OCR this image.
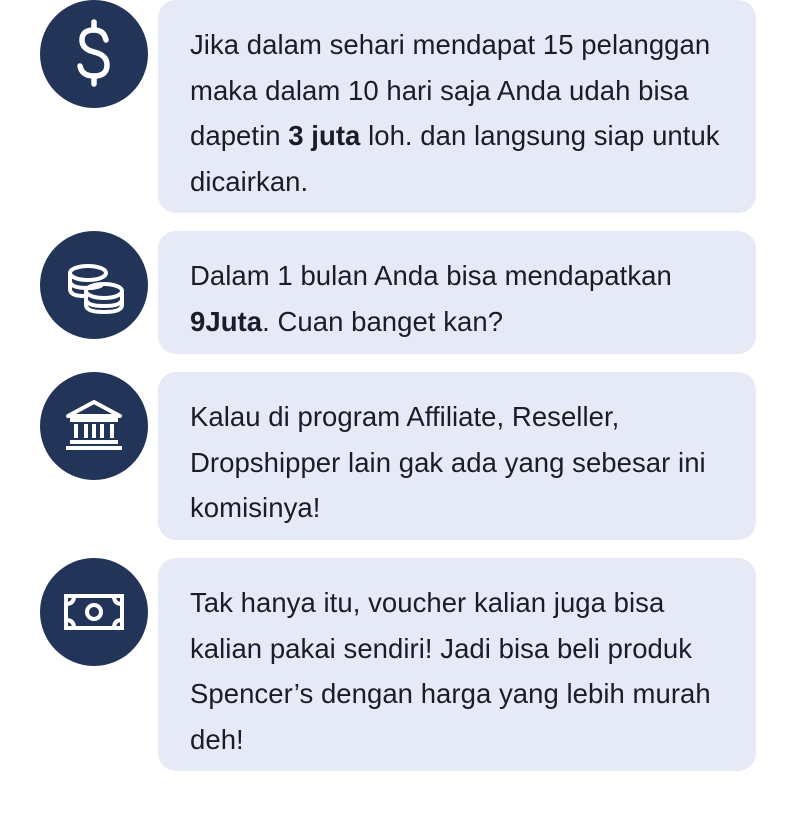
Jika dalam sehari mendapat 15 pelanggan maka dalam 10 hari saja Anda udah bisa dapetin 3 juta loh. dan langsung siap untuk dicairkan.

Dalam 1 bulan Anda bisa mendapatkan 9Juta. Cuan banget kan?

Kalau di program Affiliate, Reseller, Dropshipper lain gak ada yang sebesar ini komisinya!

Tak hanya itu, voucher kalian juga bisa kalian pakai sendiri! Jadi bisa beli produk Spencer’s dengan harga yang lebih murah deh!
